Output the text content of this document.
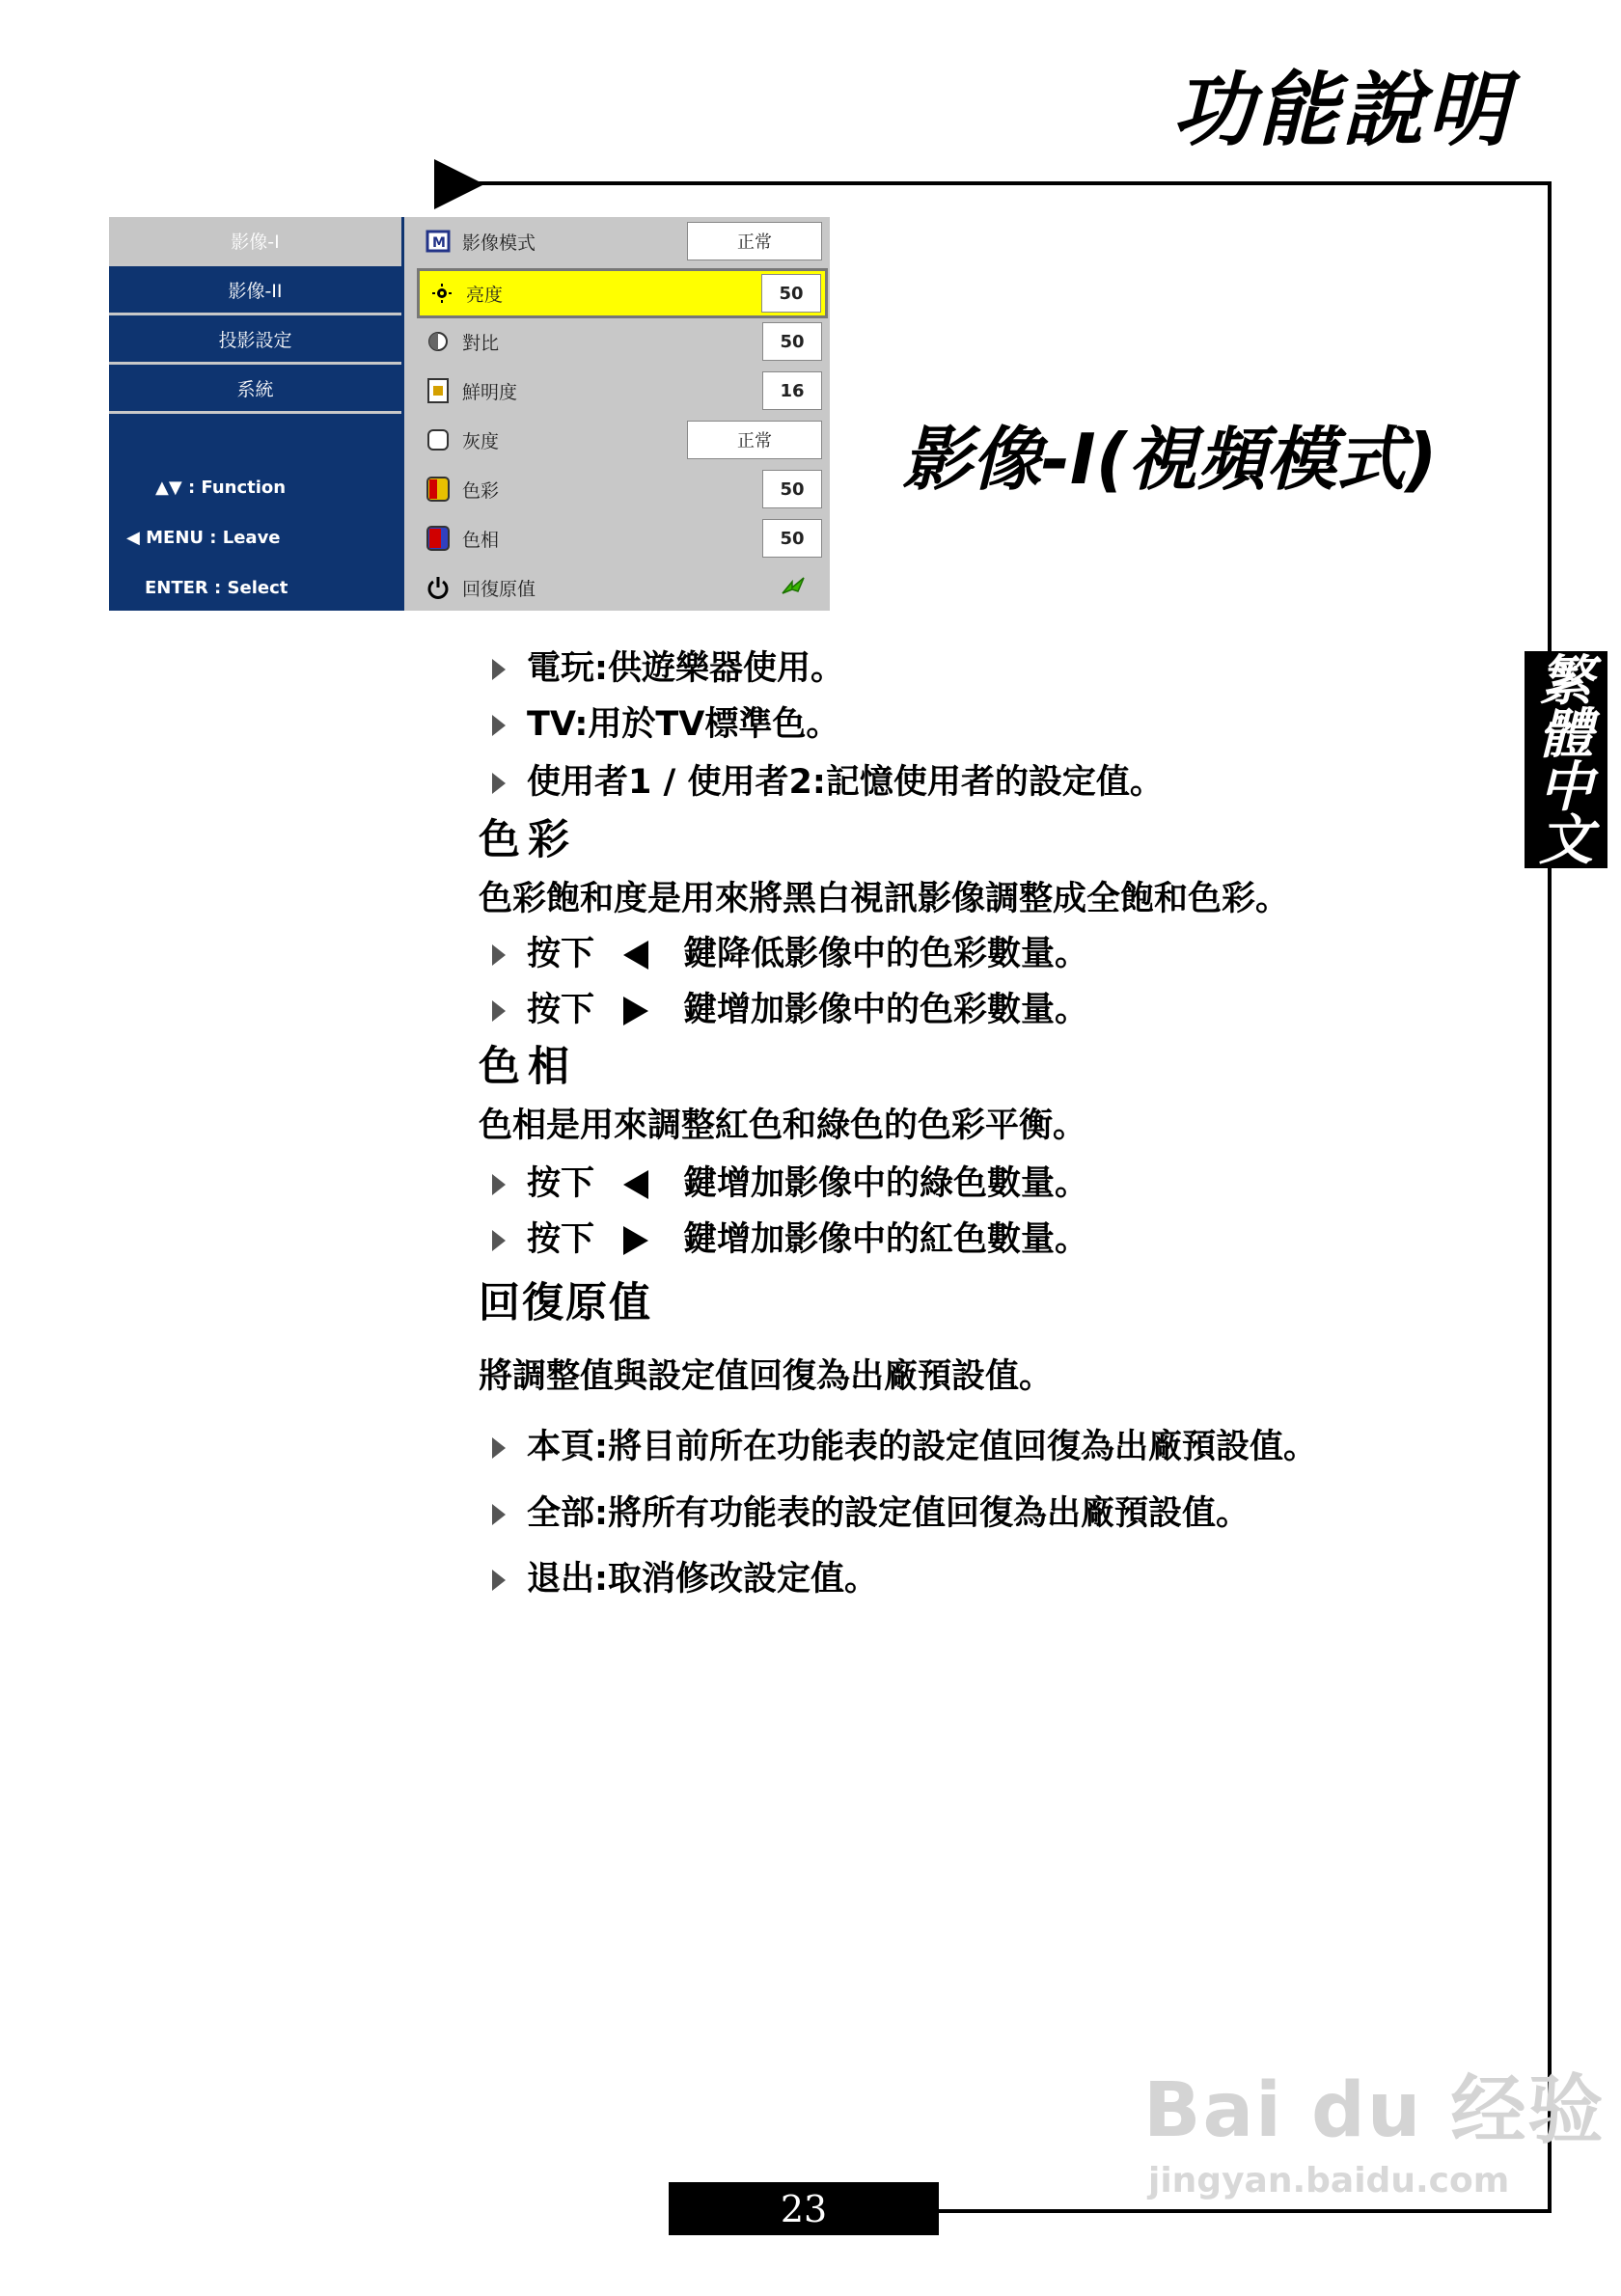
功能說明
繁
體
中
文
影像-I
影像-II
投影設定
系統
▲▼ : Function
◀ MENU : Leave
ENTER : Select
M 影像模式	正常
亮度	50
對比	50
鮮明度	16
灰度	正常
色彩	50
色相	50
回復原值
影像-I(視頻模式)
電玩:供遊樂器使用。
TV:用於TV標準色。
使用者1 / 使用者2:記憶使用者的設定值。
色彩
色彩飽和度是用來將黑白視訊影像調整成全飽和色彩。
按下	鍵降低影像中的色彩數量。
按下	鍵增加影像中的色彩數量。
色相
色相是用來調整紅色和綠色的色彩平衡。
按下	鍵增加影像中的綠色數量。
按下	鍵增加影像中的紅色數量。
回復原值
將調整值與設定值回復為出廠預設值。
本頁:將目前所在功能表的設定值回復為出廠預設值。
全部:將所有功能表的設定值回復為出廠預設值。
退出:取消修改設定值。
Bai du 经验
jingyan.baidu.com
23
